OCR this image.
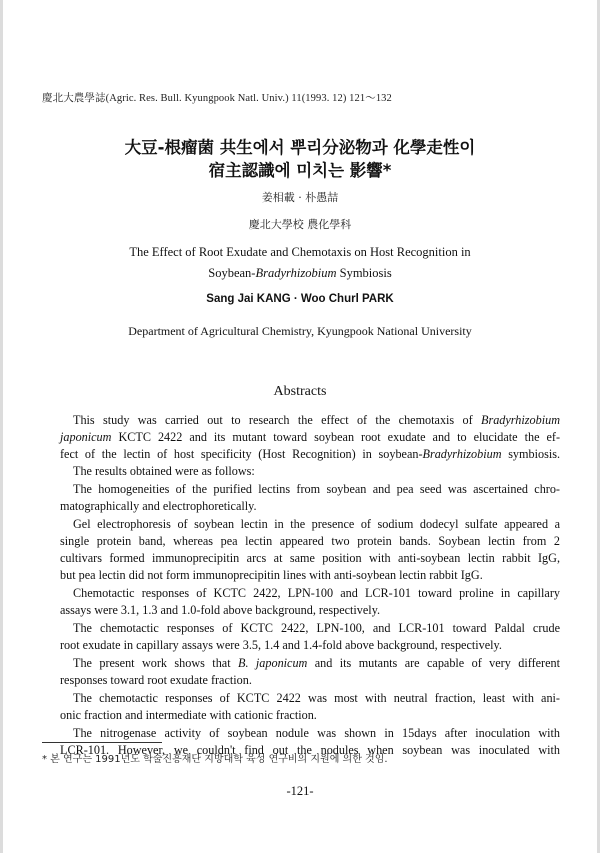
慶北大農學誌(Agric. Res. Bull. Kyungpook Natl. Univ.) 11(1993. 12) 121～132
大豆-根瘤菌 共生에서 뿌리分泌物과 化學走性이
宿主認識에 미치는 影響*
姜相載 · 朴愚喆
慶北大學校 農化學科
The Effect of Root Exudate and Chemotaxis on Host Recognition in
Soybean-Bradyrhizobium Symbiosis
Sang Jai KANG · Woo Churl PARK
Department of Agricultural Chemistry, Kyungpook National University
Abstracts
This study was carried out to research the effect of the chemotaxis of Bradyrhizobium
japonicum KCTC 2422 and its mutant toward soybean root exudate and to elucidate the ef-
fect of the lectin of host specificity (Host Recognition) in soybean-Bradyrhizobium symbiosis.
The results obtained were as follows:
The homogeneities of the purified lectins from soybean and pea seed was ascertained chro-
matographically and electrophoretically.
Gel electrophoresis of soybean lectin in the presence of sodium dodecyl sulfate appeared a
single protein band, whereas pea lectin appeared two protein bands. Soybean lectin from 2
cultivars formed immunoprecipitin arcs at same position with anti-soybean lectin rabbit IgG,
but pea lectin did not form immunoprecipitin lines with anti-soybean lectin rabbit IgG.
Chemotactic responses of KCTC 2422, LPN-100 and LCR-101 toward proline in capillary
assays were 3.1, 1.3 and 1.0-fold above background, respectively.
The chemotactic responses of KCTC 2422, LPN-100, and LCR-101 toward Paldal crude
root exudate in capillary assays were 3.5, 1.4 and 1.4-fold above background, respectively.
The present work shows that B. japonicum and its mutants are capable of very different
responses toward root exudate fraction.
The chemotactic responses of KCTC 2422 was most with neutral fraction, least with ani-
onic fraction and intermediate with cationic fraction.
The nitrogenase activity of soybean nodule was shown in 15days after inoculation with
LCR-101. However, we couldn't find out the nodules when soybean was inoculated with
* 본 연구는 1991년도 학술진흥재단 지방대학 육성 연구비의 지원에 의한 것임.
-121-
